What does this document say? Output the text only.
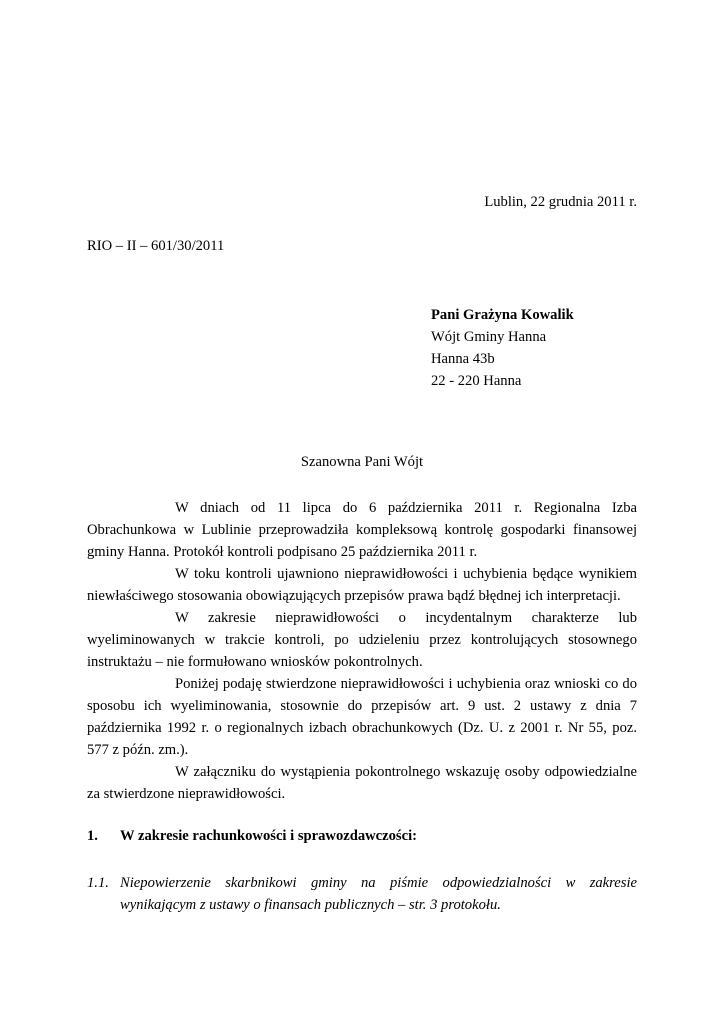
Lublin, 22 grudnia 2011 r.
RIO – II – 601/30/2011
Pani Grażyna Kowalik
Wójt Gminy Hanna
Hanna 43b
22 - 220 Hanna
Szanowna Pani Wójt

W dniach od 11 lipca do 6 października 2011 r. Regionalna Izba Obrachunkowa w Lublinie przeprowadziła kompleksową kontrolę gospodarki finansowej gminy Hanna. Protokół kontroli podpisano 25 października 2011 r.

W toku kontroli ujawniono nieprawidłowości i uchybienia będące wynikiem niewłaściwego stosowania obowiązujących przepisów prawa bądź błędnej ich interpretacji.

W zakresie nieprawidłowości o incydentalnym charakterze lub wyeliminowanych w trakcie kontroli, po udzieleniu przez kontrolujących stosownego instruktażu – nie formułowano wniosków pokontrolnych.

Poniżej podaję stwierdzone nieprawidłowości i uchybienia oraz wnioski co do sposobu ich wyeliminowania, stosownie do przepisów art. 9 ust. 2 ustawy z dnia 7 października 1992 r. o regionalnych izbach obrachunkowych (Dz. U. z 2001 r. Nr 55, poz. 577 z późn. zm.).

W załączniku do wystąpienia pokontrolnego wskazuję osoby odpowiedzialne za stwierdzone nieprawidłowości.

1. W zakresie rachunkowości i sprawozdawczości:
1.1. Niepowierzenie skarbnikowi gminy na piśmie odpowiedzialności w zakresie wynikającym z ustawy o finansach publicznych – str. 3 protokołu.
